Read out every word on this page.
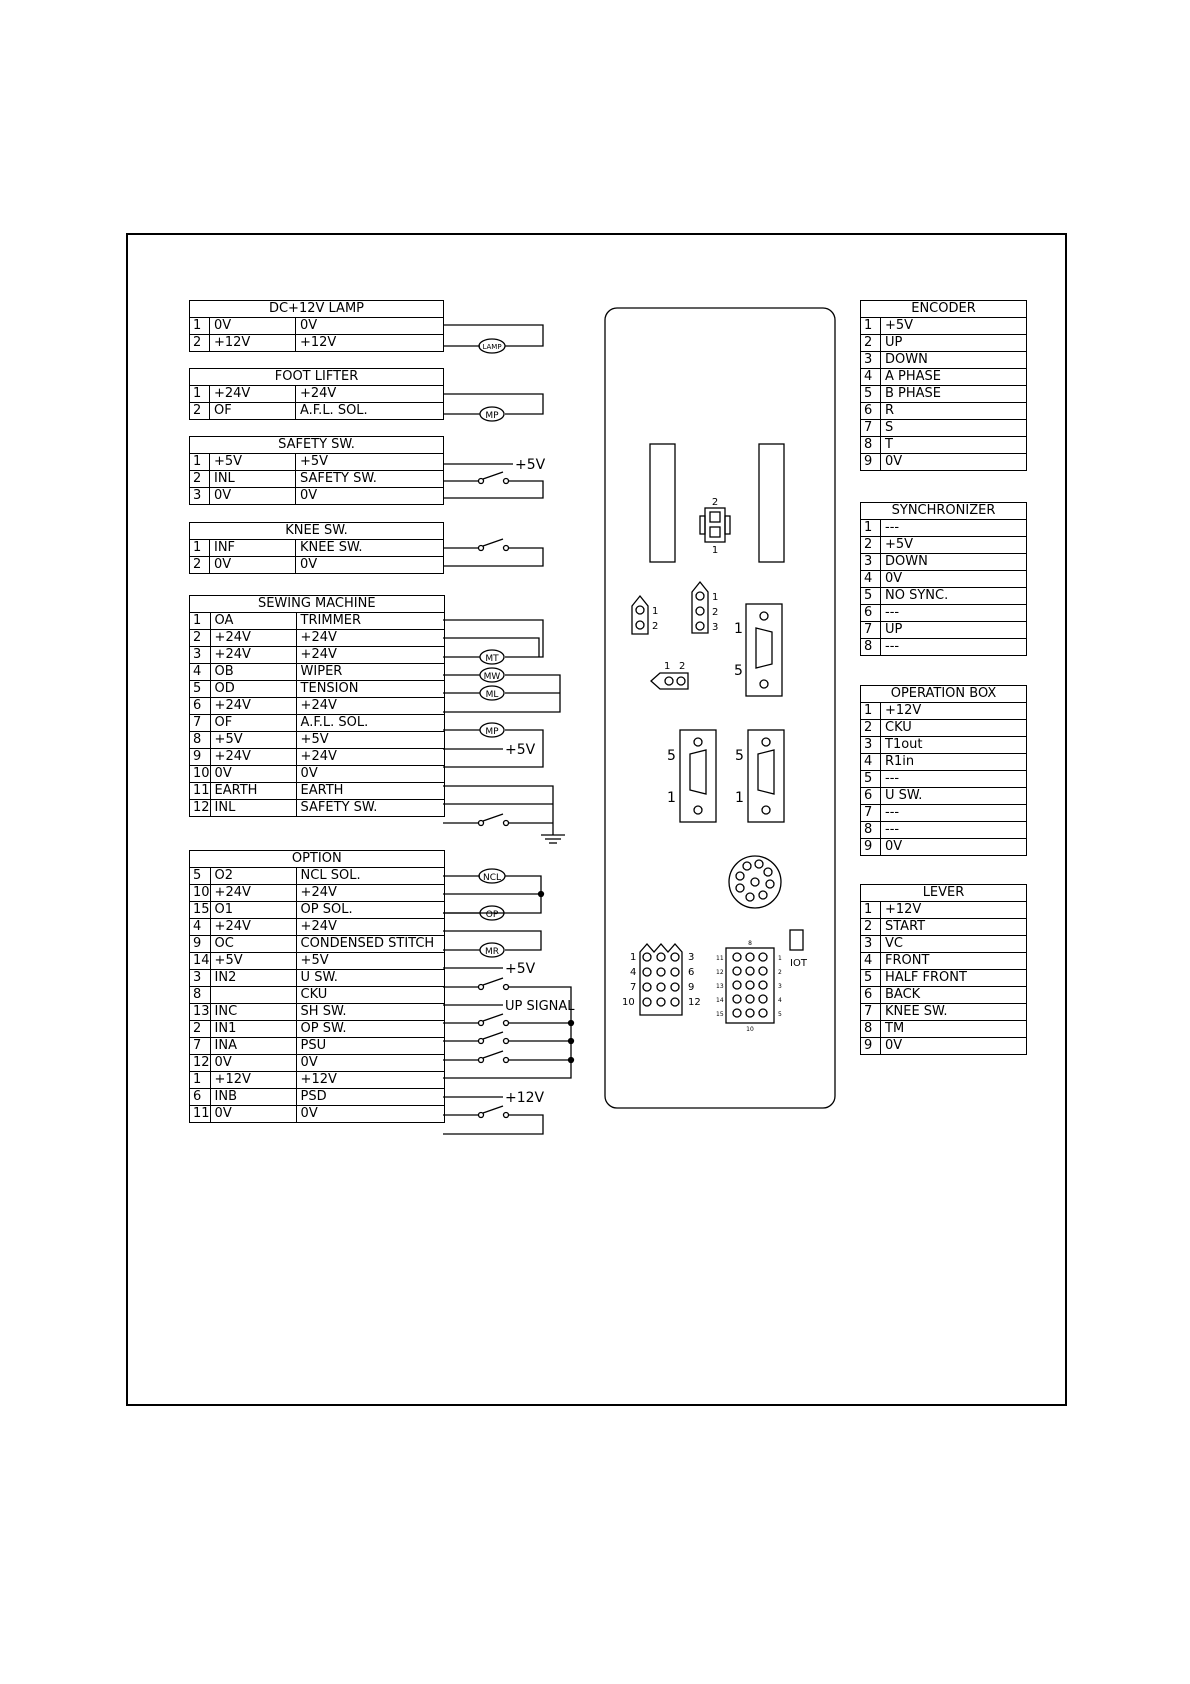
DC+12V LAMP		
1	0V	0V
2	+12V	+12V
FOOT LIFTER		
1	+24V	+24V
2	OF	A.F.L. SOL.
SAFETY SW.		
1	+5V	+5V
2	INL	SAFETY SW.
3	0V	0V
KNEE SW.		
1	INF	KNEE SW.
2	0V	0V
SEWING MACHINE		
1	OA	TRIMMER
2	+24V	+24V
3	+24V	+24V
4	OB	WIPER
5	OD	TENSION
6	+24V	+24V
7	OF	A.F.L. SOL.
8	+5V	+5V
9	+24V	+24V
10	0V	0V
11	EARTH	EARTH
12	INL	SAFETY SW.
OPTION		
5	O2	NCL SOL.
10	+24V	+24V
15	O1	OP SOL.
4	+24V	+24V
9	OC	CONDENSED STITCH
14	+5V	+5V
3	IN2	U SW.
8		CKU
13	INC	SH SW.
2	IN1	OP SW.
7	INA	PSU
12	0V	0V
1	+12V	+12V
6	INB	PSD
11	0V	0V
ENCODER	
1	+5V
2	UP
3	DOWN
4	A PHASE
5	B PHASE
6	R
7	S
8	T
9	0V
SYNCHRONIZER	
1	---
2	+5V
3	DOWN
4	0V
5	NO SYNC.
6	---
7	UP
8	---
OPERATION BOX	
1	+12V
2	CKU
3	T1out
4	R1in
5	---
6	U SW.
7	---
8	---
9	0V
LEVER	
1	+12V
2	START
3	VC
4	FRONT
5	HALF FRONT
6	BACK
7	KNEE SW.
8	TM
9	0V
LAMP
MP
+5V
MT
MW
ML
MP
+5V
NCL
OP
MR
+5V
UP SIGNAL
+12V
2
1
1
2
1
2
3
1 2
1
5
5
1
5
1
1
4
7
10
3
6
9
12
11
12
13
14
15
1
2
3
4
5
8
10
IOT
